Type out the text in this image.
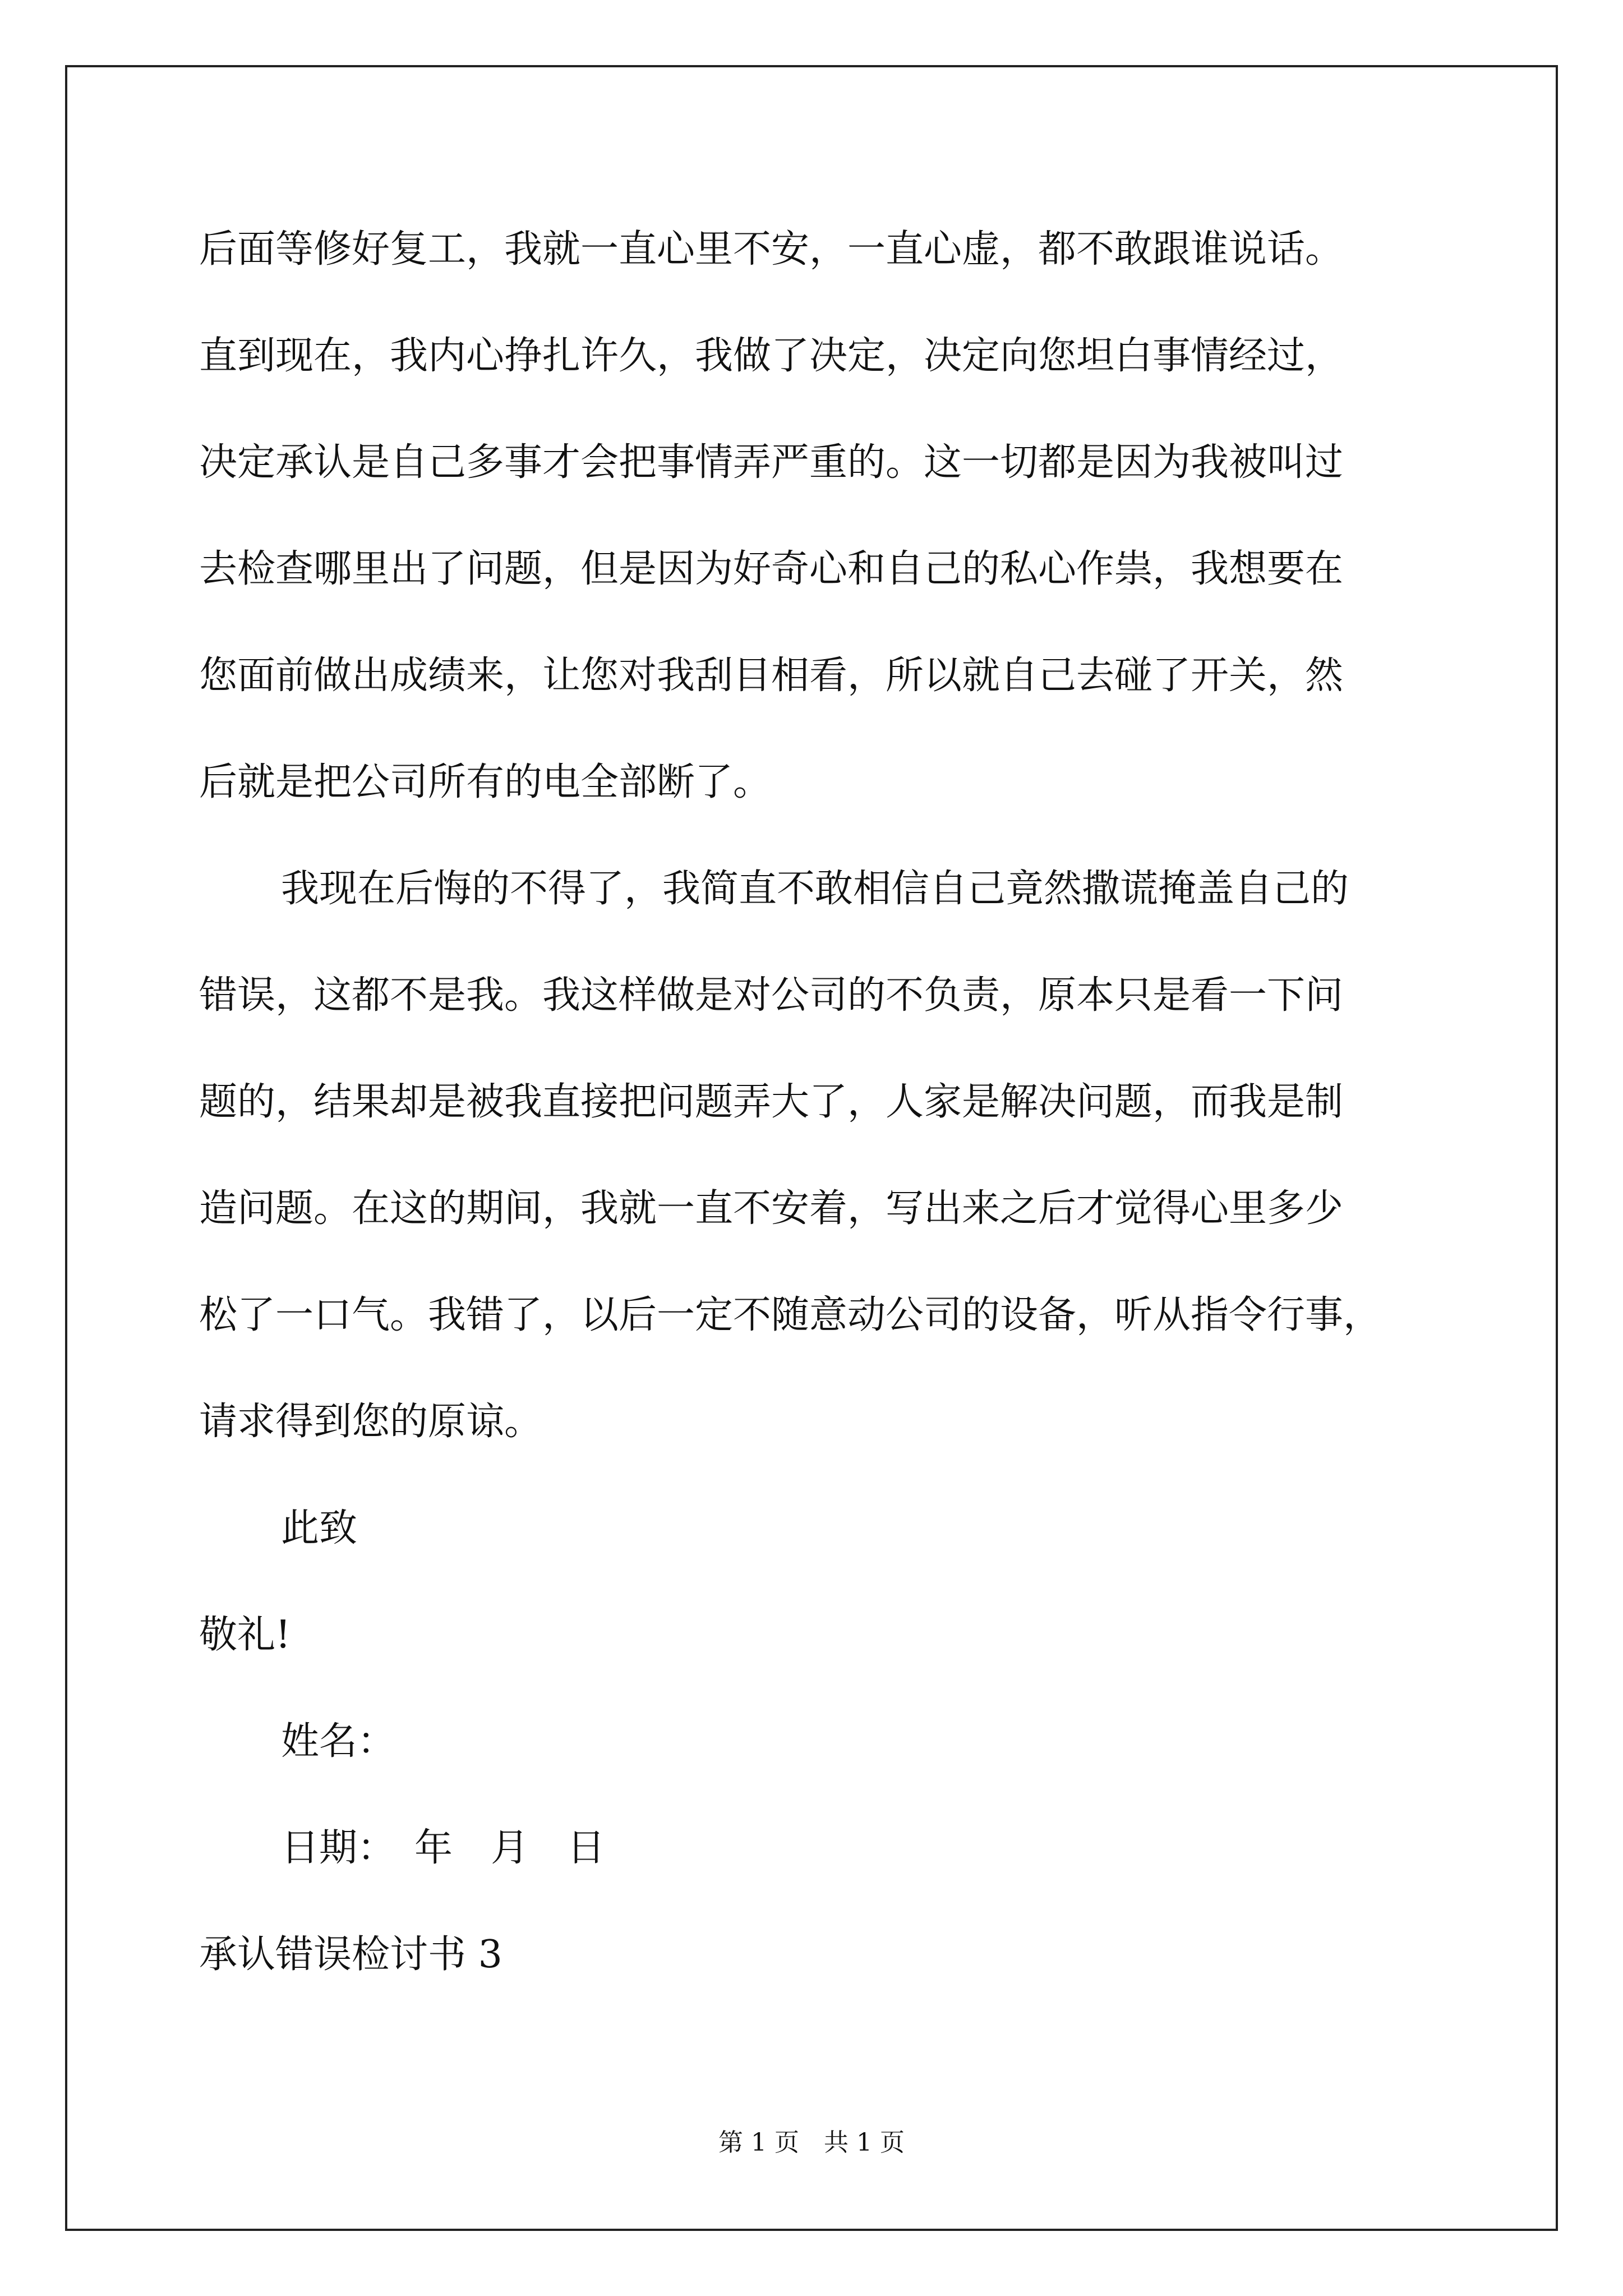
后面等修好复工，我就一直心里不安，一直心虚，都不敢跟谁说话。
直到现在，我内心挣扎许久，我做了决定，决定向您坦白事情经过，
决定承认是自己多事才会把事情弄严重的。这一切都是因为我被叫过
去检查哪里出了问题，但是因为好奇心和自己的私心作祟，我想要在
您面前做出成绩来，让您对我刮目相看，所以就自己去碰了开关，然
后就是把公司所有的电全部断了。
我现在后悔的不得了，我简直不敢相信自己竟然撒谎掩盖自己的
错误，这都不是我。我这样做是对公司的不负责，原本只是看一下问
题的，结果却是被我直接把问题弄大了，人家是解决问题，而我是制
造问题。在这的期间，我就一直不安着，写出来之后才觉得心里多少
松了一口气。我错了，以后一定不随意动公司的设备，听从指令行事，
请求得到您的原谅。
此致
敬礼!
姓名：
日期：　年　月　日
承认错误检讨书 3
第 1 页 共 1 页
